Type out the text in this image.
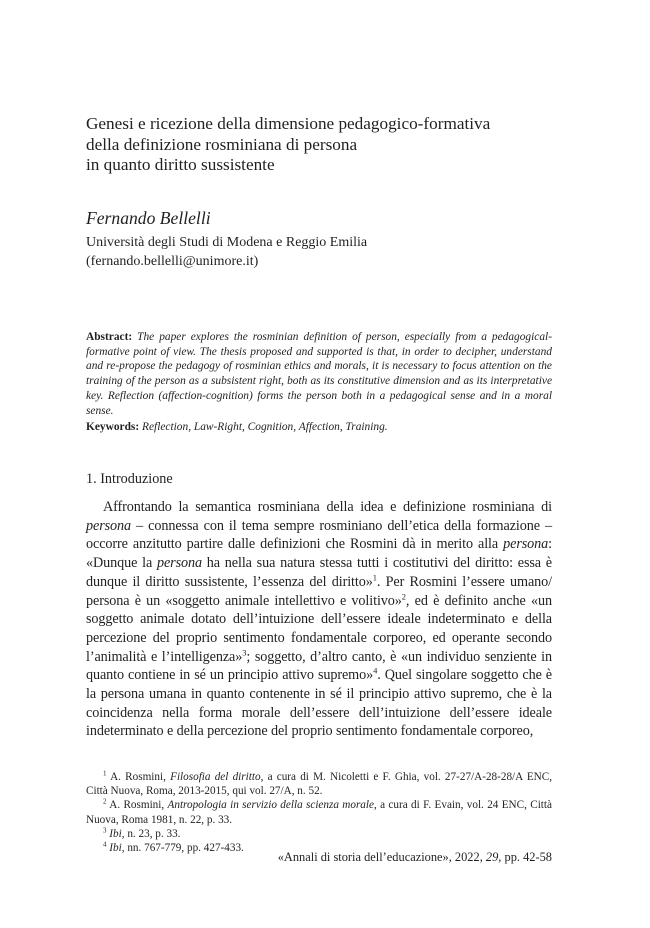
Genesi e ricezione della dimensione pedagogico-formativa
della definizione rosminiana di persona
in quanto diritto sussistente
Fernando Bellelli
Università degli Studi di Modena e Reggio Emilia
(fernando.bellelli@unimore.it)
Abstract: The paper explores the rosminian definition of person, especially from a pedagogical-formative point of view. The thesis proposed and supported is that, in order to decipher, understand and re-propose the pedagogy of rosminian ethics and morals, it is necessary to focus attention on the training of the person as a subsistent right, both as its constitutive dimension and as its interpretative key. Reflection (affection-cognition) forms the person both in a pedagogical sense and in a moral sense.
Keywords: Reflection, Law-Right, Cognition, Affection, Training.
1. Introduzione
Affrontando la semantica rosminiana della idea e definizione rosminiana di persona – connessa con il tema sempre rosminiano dell’etica della formazione – occorre anzitutto partire dalle definizioni che Rosmini dà in merito alla persona: «Dunque la persona ha nella sua natura stessa tutti i costitutivi del diritto: essa è dunque il diritto sussistente, l’essenza del diritto»$^1$. Per Rosmini l’essere umano/ persona è un «soggetto animale intellettivo e volitivo»$^2$, ed è definito anche «un soggetto animale dotato dell’intuizione dell’essere ideale indeterminato e della percezione del proprio sentimento fondamentale corporeo, ed operante secondo l’animalità e l’intelligenza»$^3$; soggetto, d’altro canto, è «un individuo senziente in quanto contiene in sé un principio attivo supremo»$^4$. Quel singolare soggetto che è la persona umana in quanto contenente in sé il principio attivo supremo, che è la coincidenza nella forma morale dell’essere dell’intuizione dell’essere ideale indeterminato e della percezione del proprio sentimento fondamentale corporeo,
$^1$ A. Rosmini, Filosofia del diritto, a cura di M. Nicoletti e F. Ghia, vol. 27-27/A-28-28/A ENC, Città Nuova, Roma, 2013-2015, qui vol. 27/A, n. 52.
$^2$ A. Rosmini, Antropologia in servizio della scienza morale, a cura di F. Evain, vol. 24 ENC, Città Nuova, Roma 1981, n. 22, p. 33.
$^3$ Ibi, n. 23, p. 33.
$^4$ Ibi, nn. 767-779, pp. 427-433.
«Annali di storia dell’educazione», 2022, 29, pp. 42-58
